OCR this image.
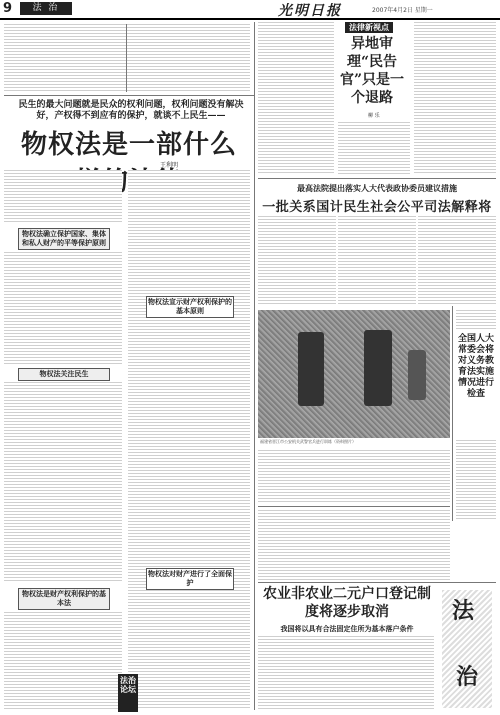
9	法 治	光明日报	2007年4月2日 星期一
民生的最大问题就是民众的权利问题，权利问题没有解决好，产权得不到应有的保护，就谈不上民生——
物权法是一部什么
王利明
物权法确立保护国家、集体和私人财产的平等保护原则
物权法关注民生
物权法是财产权利保护的基本法
物权法宣示财产权利保护的基本原则
物权法对财产进行了全面保护
法律新视点
异地审理“民告官”只是一个退路
柳 乐
最高法院提出落实人大代表政协委员建议措施
一批关系国计民生社会公平司法解释将
福建省晋江市公安机关武警官兵进行训练（资料照片）
全国人大常委会将对义务教育法实施情况进行检查
农业非农业二元户口登记制度将逐步取消
我国将以具有合法固定住所为基本落户条件
法
治
法治论坛
